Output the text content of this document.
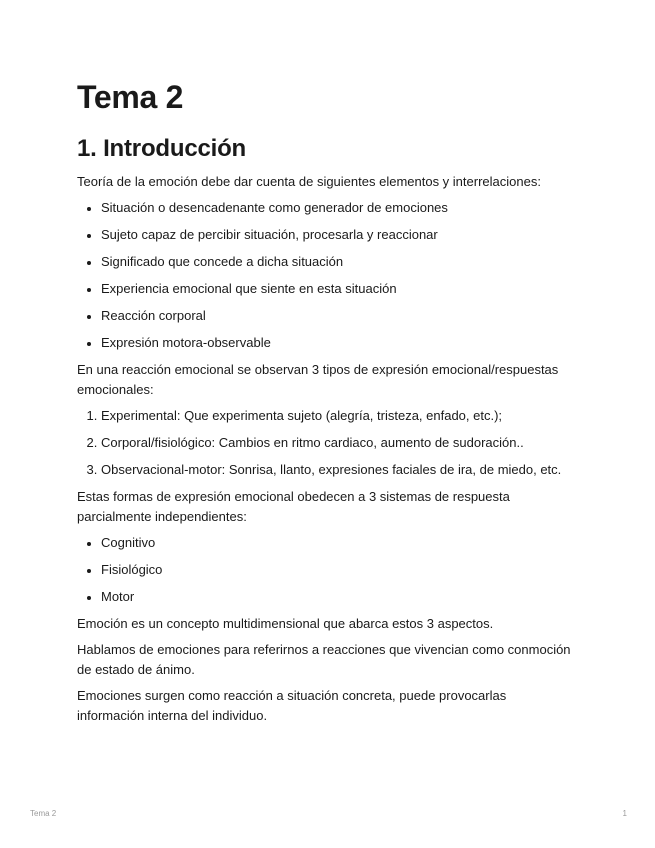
Tema 2
1. Introducción

Teoría de la emoción debe dar cuenta de siguientes elementos y interrelaciones:

• Situación o desencadenante como generador de emociones
• Sujeto capaz de percibir situación, procesarla y reaccionar
• Significado que concede a dicha situación
• Experiencia emocional que siente en esta situación
• Reacción corporal
• Expresión motora-observable

En una reacción emocional se observan 3 tipos de expresión emocional/respuestas emocionales:

1. Experimental: Que experimenta sujeto (alegría, tristeza, enfado, etc.);
2. Corporal/fisiológico: Cambios en ritmo cardiaco, aumento de sudoración..
3. Observacional-motor: Sonrisa, llanto, expresiones faciales de ira, de miedo, etc.

Estas formas de expresión emocional obedecen a 3 sistemas de respuesta parcialmente independientes:

• Cognitivo
• Fisiológico
• Motor

Emoción es un concepto multidimensional que abarca estos 3 aspectos.

Hablamos de emociones para referirnos a reacciones que vivencian como conmoción de estado de ánimo.

Emociones surgen como reacción a situación concreta, puede provocarlas información interna del individuo.

Tema 2	1
